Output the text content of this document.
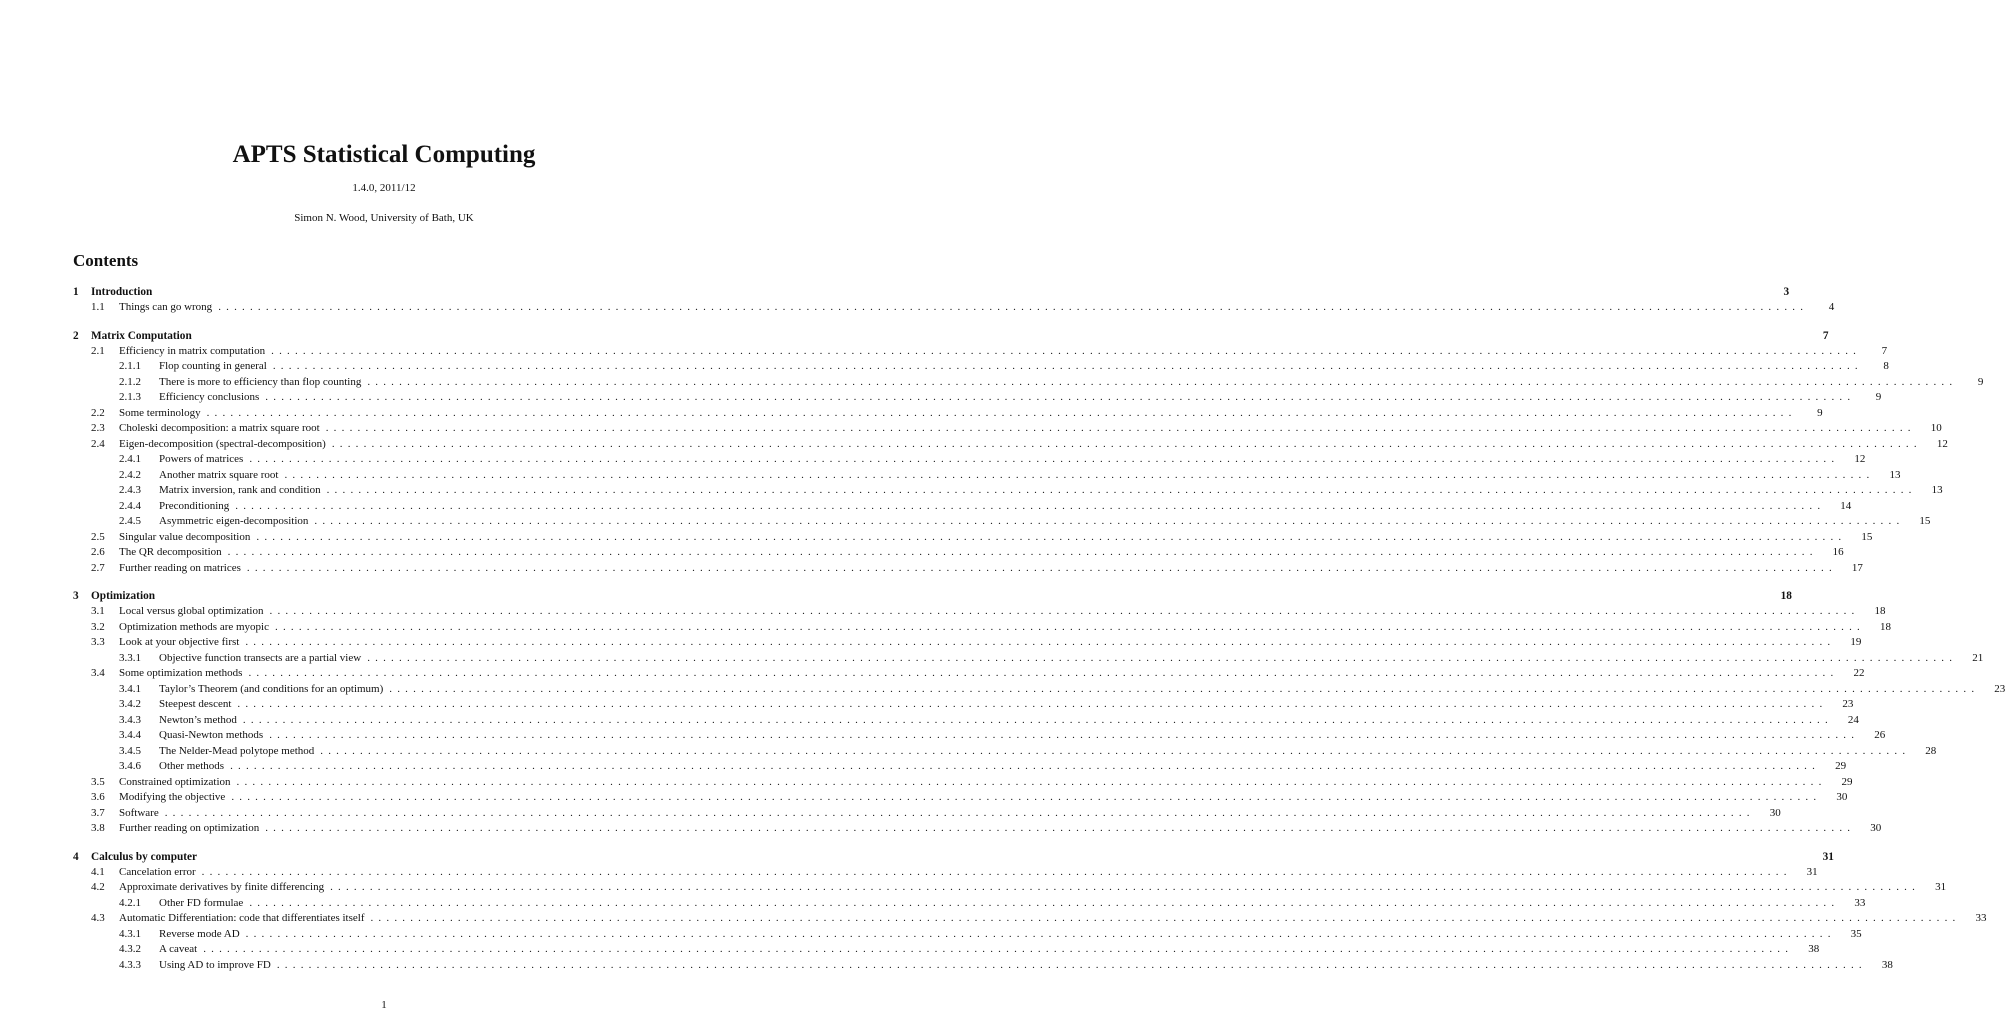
APTS Statistical Computing
1.4.0, 2011/12
Simon N. Wood, University of Bath, UK
Contents
1	Introduction	3
1.1	Things can go wrong ........................................................................................................................................................................................................	4
2	Matrix Computation	7
2.1	Efficiency in matrix computation ........................................................................................................................................................................................................	7
2.1.1	Flop counting in general ........................................................................................................................................................................................................	8
2.1.2	There is more to efficiency than flop counting ........................................................................................................................................................................................................	9
2.1.3	Efficiency conclusions ........................................................................................................................................................................................................	9
2.2	Some terminology ........................................................................................................................................................................................................	9
2.3	Choleski decomposition: a matrix square root ........................................................................................................................................................................................................	10
2.4	Eigen-decomposition (spectral-decomposition) ........................................................................................................................................................................................................	12
2.4.1	Powers of matrices ........................................................................................................................................................................................................	12
2.4.2	Another matrix square root ........................................................................................................................................................................................................	13
2.4.3	Matrix inversion, rank and condition ........................................................................................................................................................................................................	13
2.4.4	Preconditioning ........................................................................................................................................................................................................	14
2.4.5	Asymmetric eigen-decomposition ........................................................................................................................................................................................................	15
2.5	Singular value decomposition ........................................................................................................................................................................................................	15
2.6	The QR decomposition ........................................................................................................................................................................................................	16
2.7	Further reading on matrices ........................................................................................................................................................................................................	17
3	Optimization	18
3.1	Local versus global optimization ........................................................................................................................................................................................................	18
3.2	Optimization methods are myopic ........................................................................................................................................................................................................	18
3.3	Look at your objective first ........................................................................................................................................................................................................	19
3.3.1	Objective function transects are a partial view ........................................................................................................................................................................................................	21
3.4	Some optimization methods ........................................................................................................................................................................................................	22
3.4.1	Taylor’s Theorem (and conditions for an optimum) ........................................................................................................................................................................................................	23
3.4.2	Steepest descent ........................................................................................................................................................................................................	23
3.4.3	Newton’s method ........................................................................................................................................................................................................	24
3.4.4	Quasi-Newton methods ........................................................................................................................................................................................................	26
3.4.5	The Nelder-Mead polytope method ........................................................................................................................................................................................................	28
3.4.6	Other methods ........................................................................................................................................................................................................	29
3.5	Constrained optimization ........................................................................................................................................................................................................	29
3.6	Modifying the objective ........................................................................................................................................................................................................	30
3.7	Software ........................................................................................................................................................................................................	30
3.8	Further reading on optimization ........................................................................................................................................................................................................	30
4	Calculus by computer	31
4.1	Cancelation error ........................................................................................................................................................................................................	31
4.2	Approximate derivatives by finite differencing ........................................................................................................................................................................................................	31
4.2.1	Other FD formulae ........................................................................................................................................................................................................	33
4.3	Automatic Differentiation: code that differentiates itself ........................................................................................................................................................................................................	33
4.3.1	Reverse mode AD ........................................................................................................................................................................................................	35
4.3.2	A caveat ........................................................................................................................................................................................................	38
4.3.3	Using AD to improve FD ........................................................................................................................................................................................................	38
1
